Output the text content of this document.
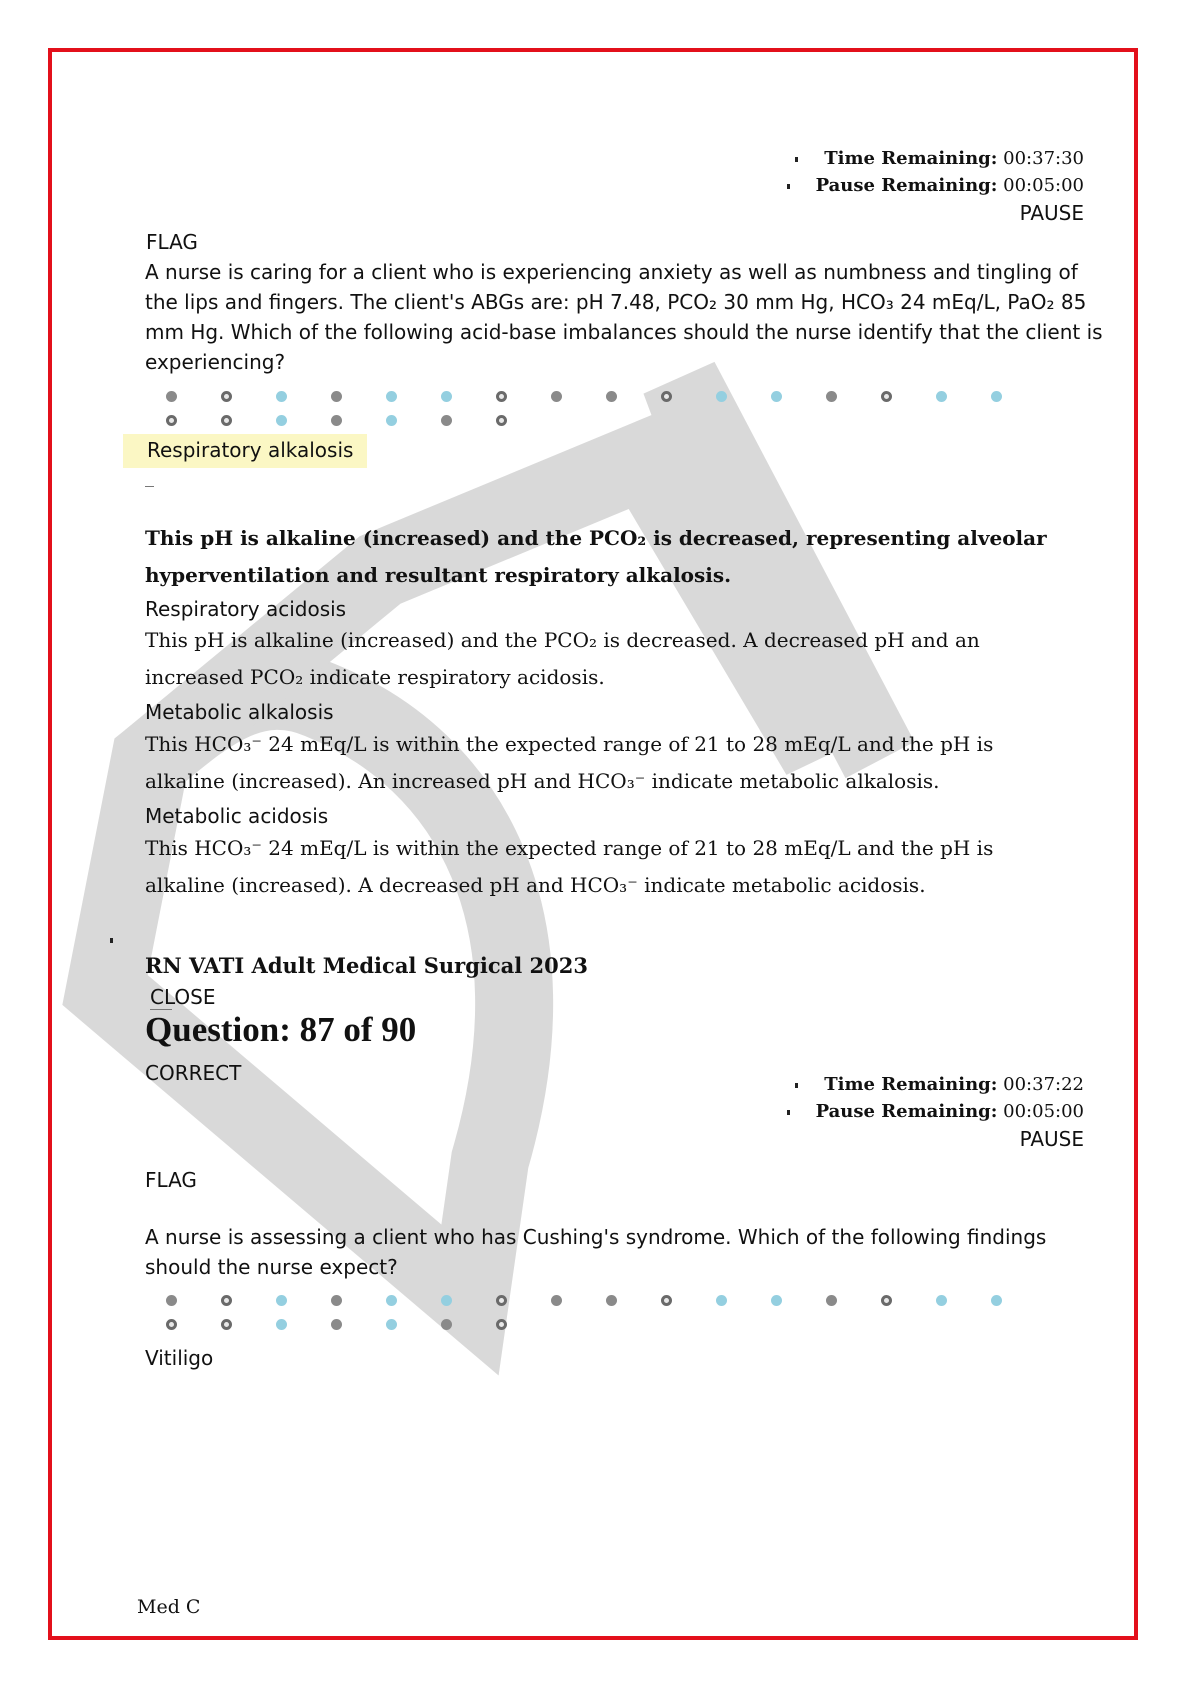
Time Remaining: 00:37:30
Pause Remaining: 00:05:00
PAUSE
FLAG
A nurse is caring for a client who is experiencing anxiety as well as numbness and tingling of the lips and fingers. The client's ABGs are: pH 7.48, PCO₂ 30 mm Hg, HCO₃ 24 mEq/L, PaO₂ 85 mm Hg. Which of the following acid-base imbalances should the nurse identify that the client is experiencing?
Respiratory alkalosis
This pH is alkaline (increased) and the PCO₂ is decreased, representing alveolar hyperventilation and resultant respiratory alkalosis.
Respiratory acidosis
This pH is alkaline (increased) and the PCO₂ is decreased. A decreased pH and an increased PCO₂ indicate respiratory acidosis.
Metabolic alkalosis
This HCO₃⁻ 24 mEq/L is within the expected range of 21 to 28 mEq/L and the pH is alkaline (increased). An increased pH and HCO₃⁻ indicate metabolic alkalosis.
Metabolic acidosis
This HCO₃⁻ 24 mEq/L is within the expected range of 21 to 28 mEq/L and the pH is alkaline (increased). A decreased pH and HCO₃⁻ indicate metabolic acidosis.
RN VATI Adult Medical Surgical 2023
CLOSE
Question: 87 of 90
CORRECT	Time Remaining: 00:37:22
Pause Remaining: 00:05:00
PAUSE
FLAG
A nurse is assessing a client who has Cushing's syndrome. Which of the following findings should the nurse expect?
Vitiligo
Med C
